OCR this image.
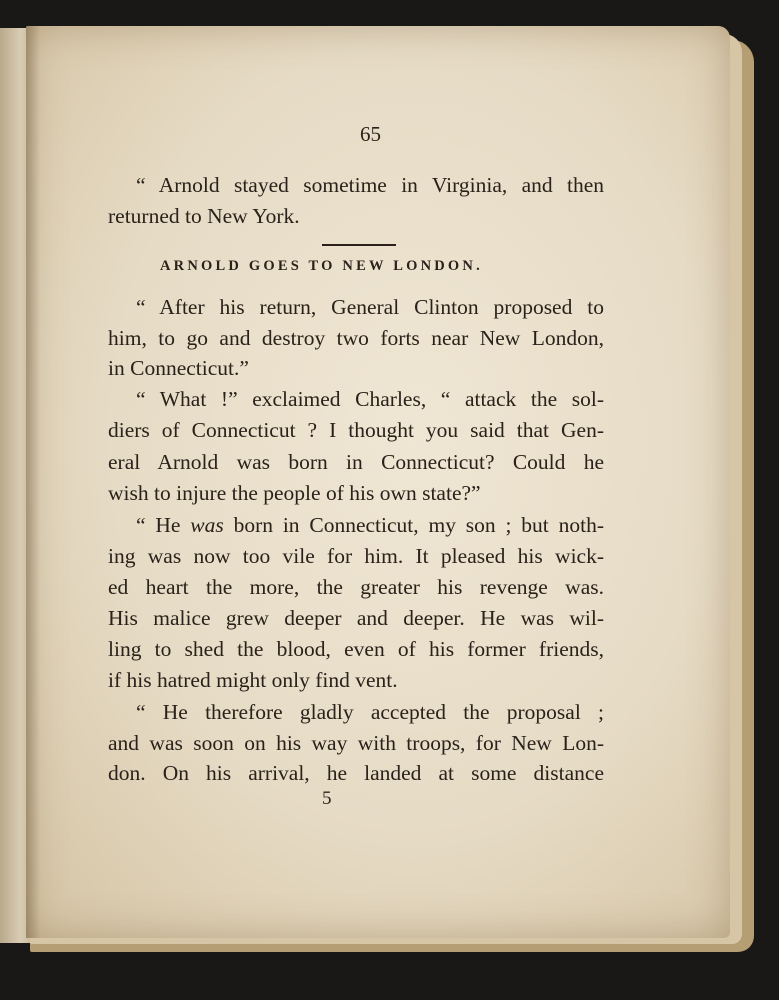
65
“ Arnold stayed sometime in Virginia, and then
returned to New York.
“ After his return, General Clinton proposed to
him, to go and destroy two forts near New London,
in Connecticut.”
“ What !” exclaimed Charles, “ attack the sol-
diers of Connecticut ? I thought you said that Gen-
eral Arnold was born in Connecticut? Could he
wish to injure the people of his own state?”
“ He was born in Connecticut, my son ; but noth-
ing was now too vile for him. It pleased his wick-
ed heart the more, the greater his revenge was.
His malice grew deeper and deeper. He was wil-
ling to shed the blood, even of his former friends,
if his hatred might only find vent.
“ He therefore gladly accepted the proposal ;
and was soon on his way with troops, for New Lon-
don. On his arrival, he landed at some distance
ARNOLD GOES TO NEW LONDON.
5
